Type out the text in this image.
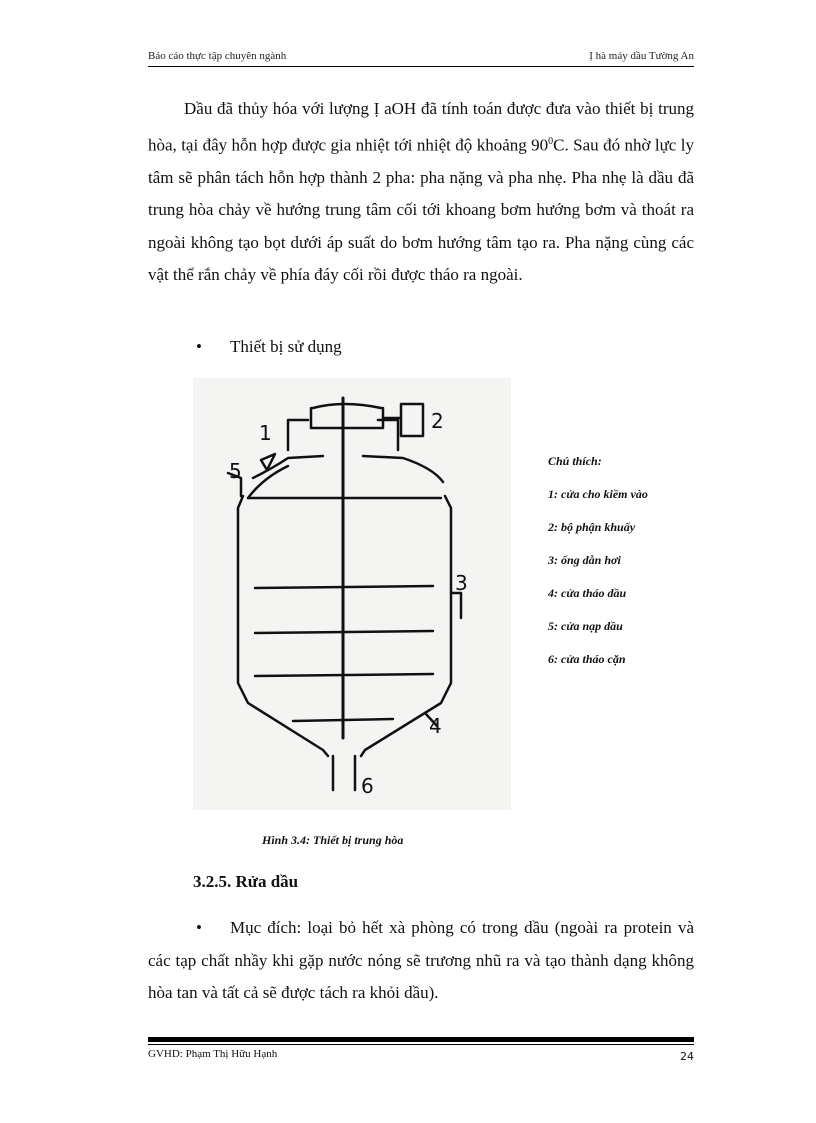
Báo cáo thực tập chuyên ngành	Ị hà máy dầu Tường An

Dầu đã thủy hóa với lượng Ị aOH đã tính toán được đưa vào thiết bị trung hòa, tại đây hỗn hợp được gia nhiệt tới nhiệt độ khoảng $90^0C$. Sau đó nhờ lực ly tâm sẽ phân tách hỗn hợp thành 2 pha: pha nặng và pha nhẹ. Pha nhẹ là dầu đã trung hòa chảy về hướng trung tâm cối tới khoang bơm hướng bơm và thoát ra ngoài không tạo bọt dưới áp suất do bơm hướng tâm tạo ra. Pha nặng cùng các vật thể rắn chảy về phía đáy cối rồi được tháo ra ngoài.

• Thiết bị sử dụng
1	2
3
4
5
6
Chú thích:
1: cửa cho kiềm vào
2: bộ phận khuấy
3: ống dẫn hơi
4: cửa tháo dầu
5: cửa nạp dầu
6: cửa tháo cặn
Hình 3.4: Thiết bị trung hòa
3.2.5. Rửa dầu
•	Mục đích: loại bỏ hết xà phòng có trong dầu (ngoài ra protein và các tạp chất nhầy khi gặp nước nóng sẽ trương nhũ ra và tạo thành dạng không hòa tan và tất cả sẽ được tách ra khỏi dầu).
GVHD: Phạm Thị Hữu Hạnh	24
